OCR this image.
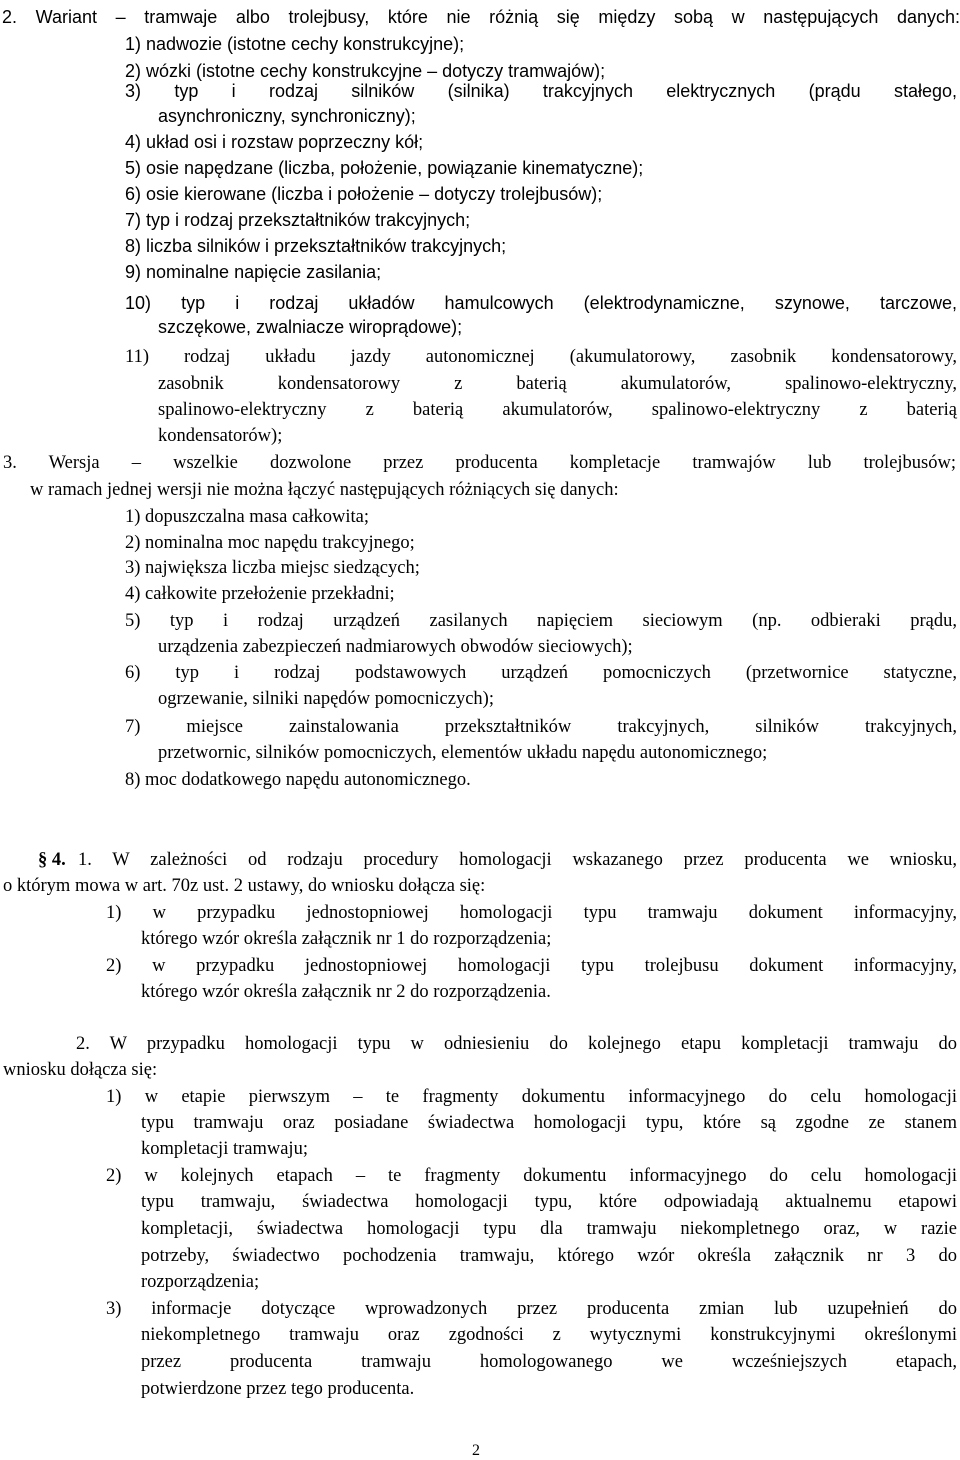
2. Wariant – tramwaje albo trolejbusy, które nie różnią się między sobą w następujących danych:
1) nadwozie (istotne cechy konstrukcyjne);
2) wózki (istotne cechy konstrukcyjne – dotyczy tramwajów);
3) typ i rodzaj silników (silnika) trakcyjnych elektrycznych (prądu stałego,
asynchroniczny, synchroniczny);
4) układ osi i rozstaw poprzeczny kół;
5) osie napędzane (liczba, położenie, powiązanie kinematyczne);
6) osie kierowane (liczba i położenie – dotyczy trolejbusów);
7) typ i rodzaj przekształtników trakcyjnych;
8) liczba silników i przekształtników trakcyjnych;
9) nominalne napięcie zasilania;
10) typ i rodzaj układów hamulcowych (elektrodynamiczne, szynowe, tarczowe,
szczękowe, zwalniacze wiroprądowe);
11) rodzaj układu jazdy autonomicznej (akumulatorowy, zasobnik kondensatorowy,
zasobnik kondensatorowy z baterią akumulatorów, spalinowo-elektryczny,
spalinowo-elektryczny z baterią akumulatorów, spalinowo-elektryczny z baterią
kondensatorów);
3. Wersja – wszelkie dozwolone przez producenta kompletacje tramwajów lub trolejbusów;
w ramach jednej wersji nie można łączyć następujących różniących się danych:
1) dopuszczalna masa całkowita;
2) nominalna moc napędu trakcyjnego;
3) największa liczba miejsc siedzących;
4) całkowite przełożenie przekładni;
5) typ i rodzaj urządzeń zasilanych napięciem sieciowym (np. odbieraki prądu,
urządzenia zabezpieczeń nadmiarowych obwodów sieciowych);
6) typ i rodzaj podstawowych urządzeń pomocniczych (przetwornice statyczne,
ogrzewanie, silniki napędów pomocniczych);
7) miejsce zainstalowania przekształtników trakcyjnych, silników trakcyjnych,
przetwornic, silników pomocniczych, elementów układu napędu autonomicznego;
8) moc dodatkowego napędu autonomicznego.
§ 4. 1. W zależności od rodzaju procedury homologacji wskazanego przez producenta we wniosku,
o którym mowa w art. 70z ust. 2 ustawy, do wniosku dołącza się:
1) w przypadku jednostopniowej homologacji typu tramwaju dokument informacyjny,
którego wzór określa załącznik nr 1 do rozporządzenia;
2) w przypadku jednostopniowej homologacji typu trolejbusu dokument informacyjny,
którego wzór określa załącznik nr 2 do rozporządzenia.
2. W przypadku homologacji typu w odniesieniu do kolejnego etapu kompletacji tramwaju do
wniosku dołącza się:
1) w etapie pierwszym – te fragmenty dokumentu informacyjnego do celu homologacji
typu tramwaju oraz posiadane świadectwa homologacji typu, które są zgodne ze stanem
kompletacji tramwaju;
2) w kolejnych etapach – te fragmenty dokumentu informacyjnego do celu homologacji
typu tramwaju, świadectwa homologacji typu, które odpowiadają aktualnemu etapowi
kompletacji, świadectwa homologacji typu dla tramwaju niekompletnego oraz, w razie
potrzeby, świadectwo pochodzenia tramwaju, którego wzór określa załącznik nr 3 do
rozporządzenia;
3) informacje dotyczące wprowadzonych przez producenta zmian lub uzupełnień do
niekompletnego tramwaju oraz zgodności z wytycznymi konstrukcyjnymi określonymi
przez producenta tramwaju homologowanego we wcześniejszych etapach,
potwierdzone przez tego producenta.
2
